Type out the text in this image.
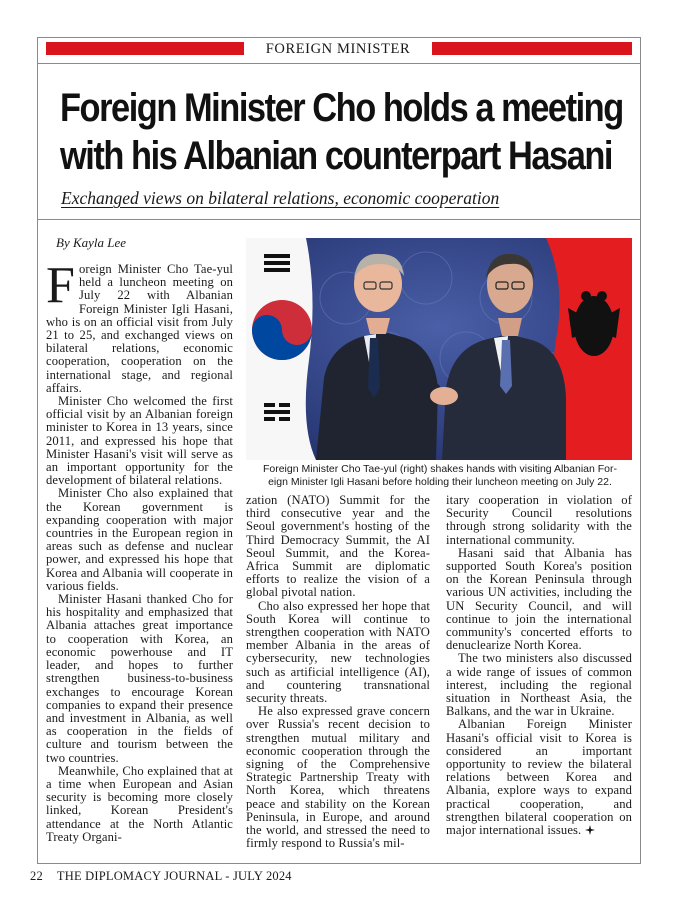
FOREIGN MINISTER
Foreign Minister Cho holds a meeting
with his Albanian counterpart Hasani
Exchanged views on bilateral relations, economic cooperation
By Kayla Lee

Foreign Minister Cho Tae-yul held a luncheon meeting on July 22 with Albanian Foreign Minister Igli Hasani, who is on an official visit from July 21 to 25, and exchanged views on bilateral relations, economic cooperation, cooperation on the international stage, and regional affairs.

Minister Cho welcomed the first official visit by an Albanian foreign minister to Korea in 13 years, since 2011, and expressed his hope that Minister Hasani's visit will serve as an important opportunity for the development of bilateral relations.

Minister Cho also explained that the Korean government is expanding cooperation with major countries in the European region in areas such as defense and nuclear power, and expressed his hope that Korea and Albania will cooperate in various fields.

Minister Hasani thanked Cho for his hospitality and emphasized that Albania attaches great importance to cooperation with Korea, an economic powerhouse and IT leader, and hopes to further strengthen business-to-business exchanges to encourage Korean companies to expand their presence and investment in Albania, as well as cooperation in the fields of culture and tourism between the two countries.

Meanwhile, Cho explained that at a time when European and Asian security is becoming more closely linked, Korean President's attendance at the North Atlantic Treaty Organi-

Foreign Minister Cho Tae-yul (right) shakes hands with visiting Albanian For-
eign Minister Igli Hasani before holding their luncheon meeting on July 22.

zation (NATO) Summit for the third consecutive year and the Seoul government's hosting of the Third Democracy Summit, the AI Seoul Summit, and the Korea-Africa Summit are diplomatic efforts to realize the vision of a global pivotal nation.

Cho also expressed her hope that South Korea will continue to strengthen cooperation with NATO member Albania in the areas of cybersecurity, new technologies such as artificial intelligence (AI), and countering transnational security threats.

He also expressed grave concern over Russia's recent decision to strengthen mutual military and economic cooperation through the signing of the Comprehensive Strategic Partnership Treaty with North Korea, which threatens peace and stability on the Korean Peninsula, in Europe, and around the world, and stressed the need to firmly respond to Russia's mil-

itary cooperation in violation of Security Council resolutions through strong solidarity with the international community.

Hasani said that Albania has supported South Korea's position on the Korean Peninsula through various UN activities, including the UN Security Council, and will continue to join the international community's concerted efforts to denuclearize North Korea.

The two ministers also discussed a wide range of issues of common interest, including the regional situation in Northeast Asia, the Balkans, and the war in Ukraine.

Albanian Foreign Minister Hasani's official visit to Korea is considered an important opportunity to review the bilateral relations between Korea and Albania, explore ways to expand practical cooperation, and strengthen bilateral cooperation on major international issues.

22 THE DIPLOMACY JOURNAL - JULY 2024
